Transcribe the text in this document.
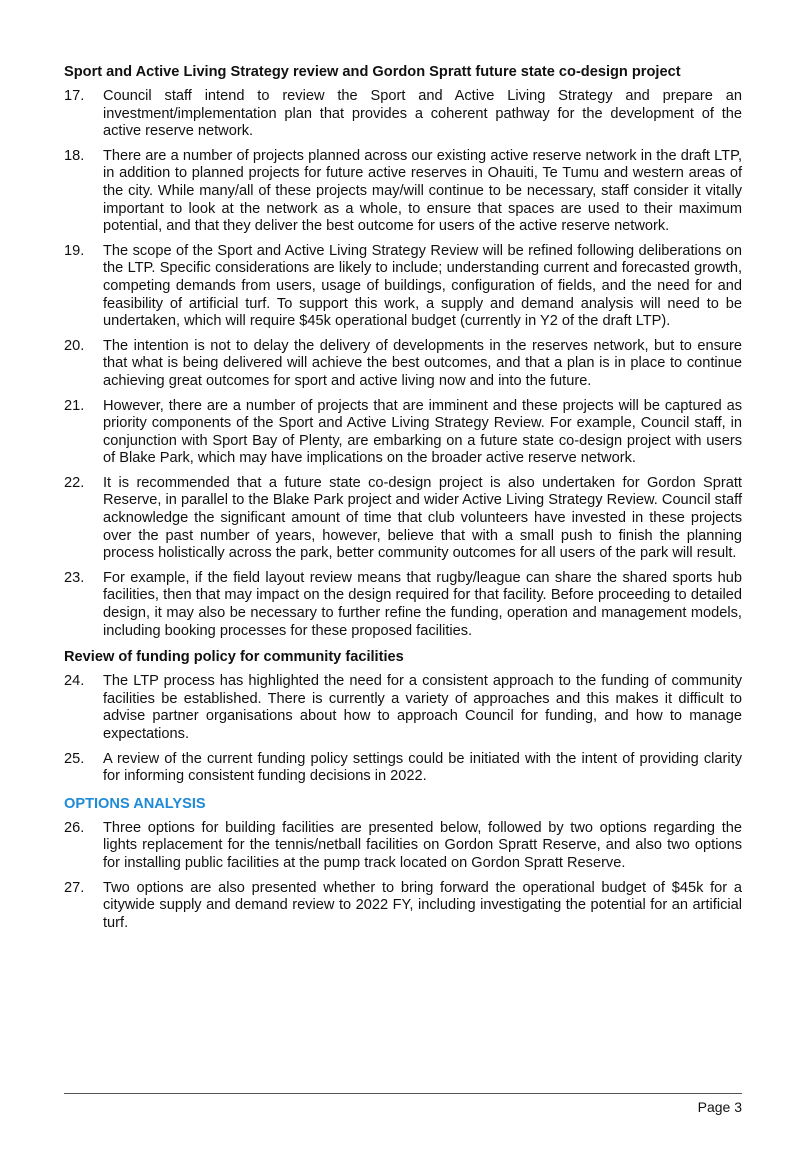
Sport and Active Living Strategy review and Gordon Spratt future state co-design project
17.	Council staff intend to review the Sport and Active Living Strategy and prepare an investment/implementation plan that provides a coherent pathway for the development of the active reserve network.
18.	There are a number of projects planned across our existing active reserve network in the draft LTP, in addition to planned projects for future active reserves in Ohauiti, Te Tumu and western areas of the city. While many/all of these projects may/will continue to be necessary, staff consider it vitally important to look at the network as a whole, to ensure that spaces are used to their maximum potential, and that they deliver the best outcome for users of the active reserve network.
19.	The scope of the Sport and Active Living Strategy Review will be refined following deliberations on the LTP. Specific considerations are likely to include; understanding current and forecasted growth, competing demands from users, usage of buildings, configuration of fields, and the need for and feasibility of artificial turf. To support this work, a supply and demand analysis will need to be undertaken, which will require $45k operational budget (currently in Y2 of the draft LTP).
20.	The intention is not to delay the delivery of developments in the reserves network, but to ensure that what is being delivered will achieve the best outcomes, and that a plan is in place to continue achieving great outcomes for sport and active living now and into the future.
21.	However, there are a number of projects that are imminent and these projects will be captured as priority components of the Sport and Active Living Strategy Review. For example, Council staff, in conjunction with Sport Bay of Plenty, are embarking on a future state co-design project with users of Blake Park, which may have implications on the broader active reserve network.
22.	It is recommended that a future state co-design project is also undertaken for Gordon Spratt Reserve, in parallel to the Blake Park project and wider Active Living Strategy Review. Council staff acknowledge the significant amount of time that club volunteers have invested in these projects over the past number of years, however, believe that with a small push to finish the planning process holistically across the park, better community outcomes for all users of the park will result.
23.	For example, if the field layout review means that rugby/league can share the shared sports hub facilities, then that may impact on the design required for that facility. Before proceeding to detailed design, it may also be necessary to further refine the funding, operation and management models, including booking processes for these proposed facilities.
Review of funding policy for community facilities
24.	The LTP process has highlighted the need for a consistent approach to the funding of community facilities be established. There is currently a variety of approaches and this makes it difficult to advise partner organisations about how to approach Council for funding, and how to manage expectations.
25.	A review of the current funding policy settings could be initiated with the intent of providing clarity for informing consistent funding decisions in 2022.
OPTIONS ANALYSIS
26.	Three options for building facilities are presented below, followed by two options regarding the lights replacement for the tennis/netball facilities on Gordon Spratt Reserve, and also two options for installing public facilities at the pump track located on Gordon Spratt Reserve.
27.	Two options are also presented whether to bring forward the operational budget of $45k for a citywide supply and demand review to 2022 FY, including investigating the potential for an artificial turf.
Page 3
